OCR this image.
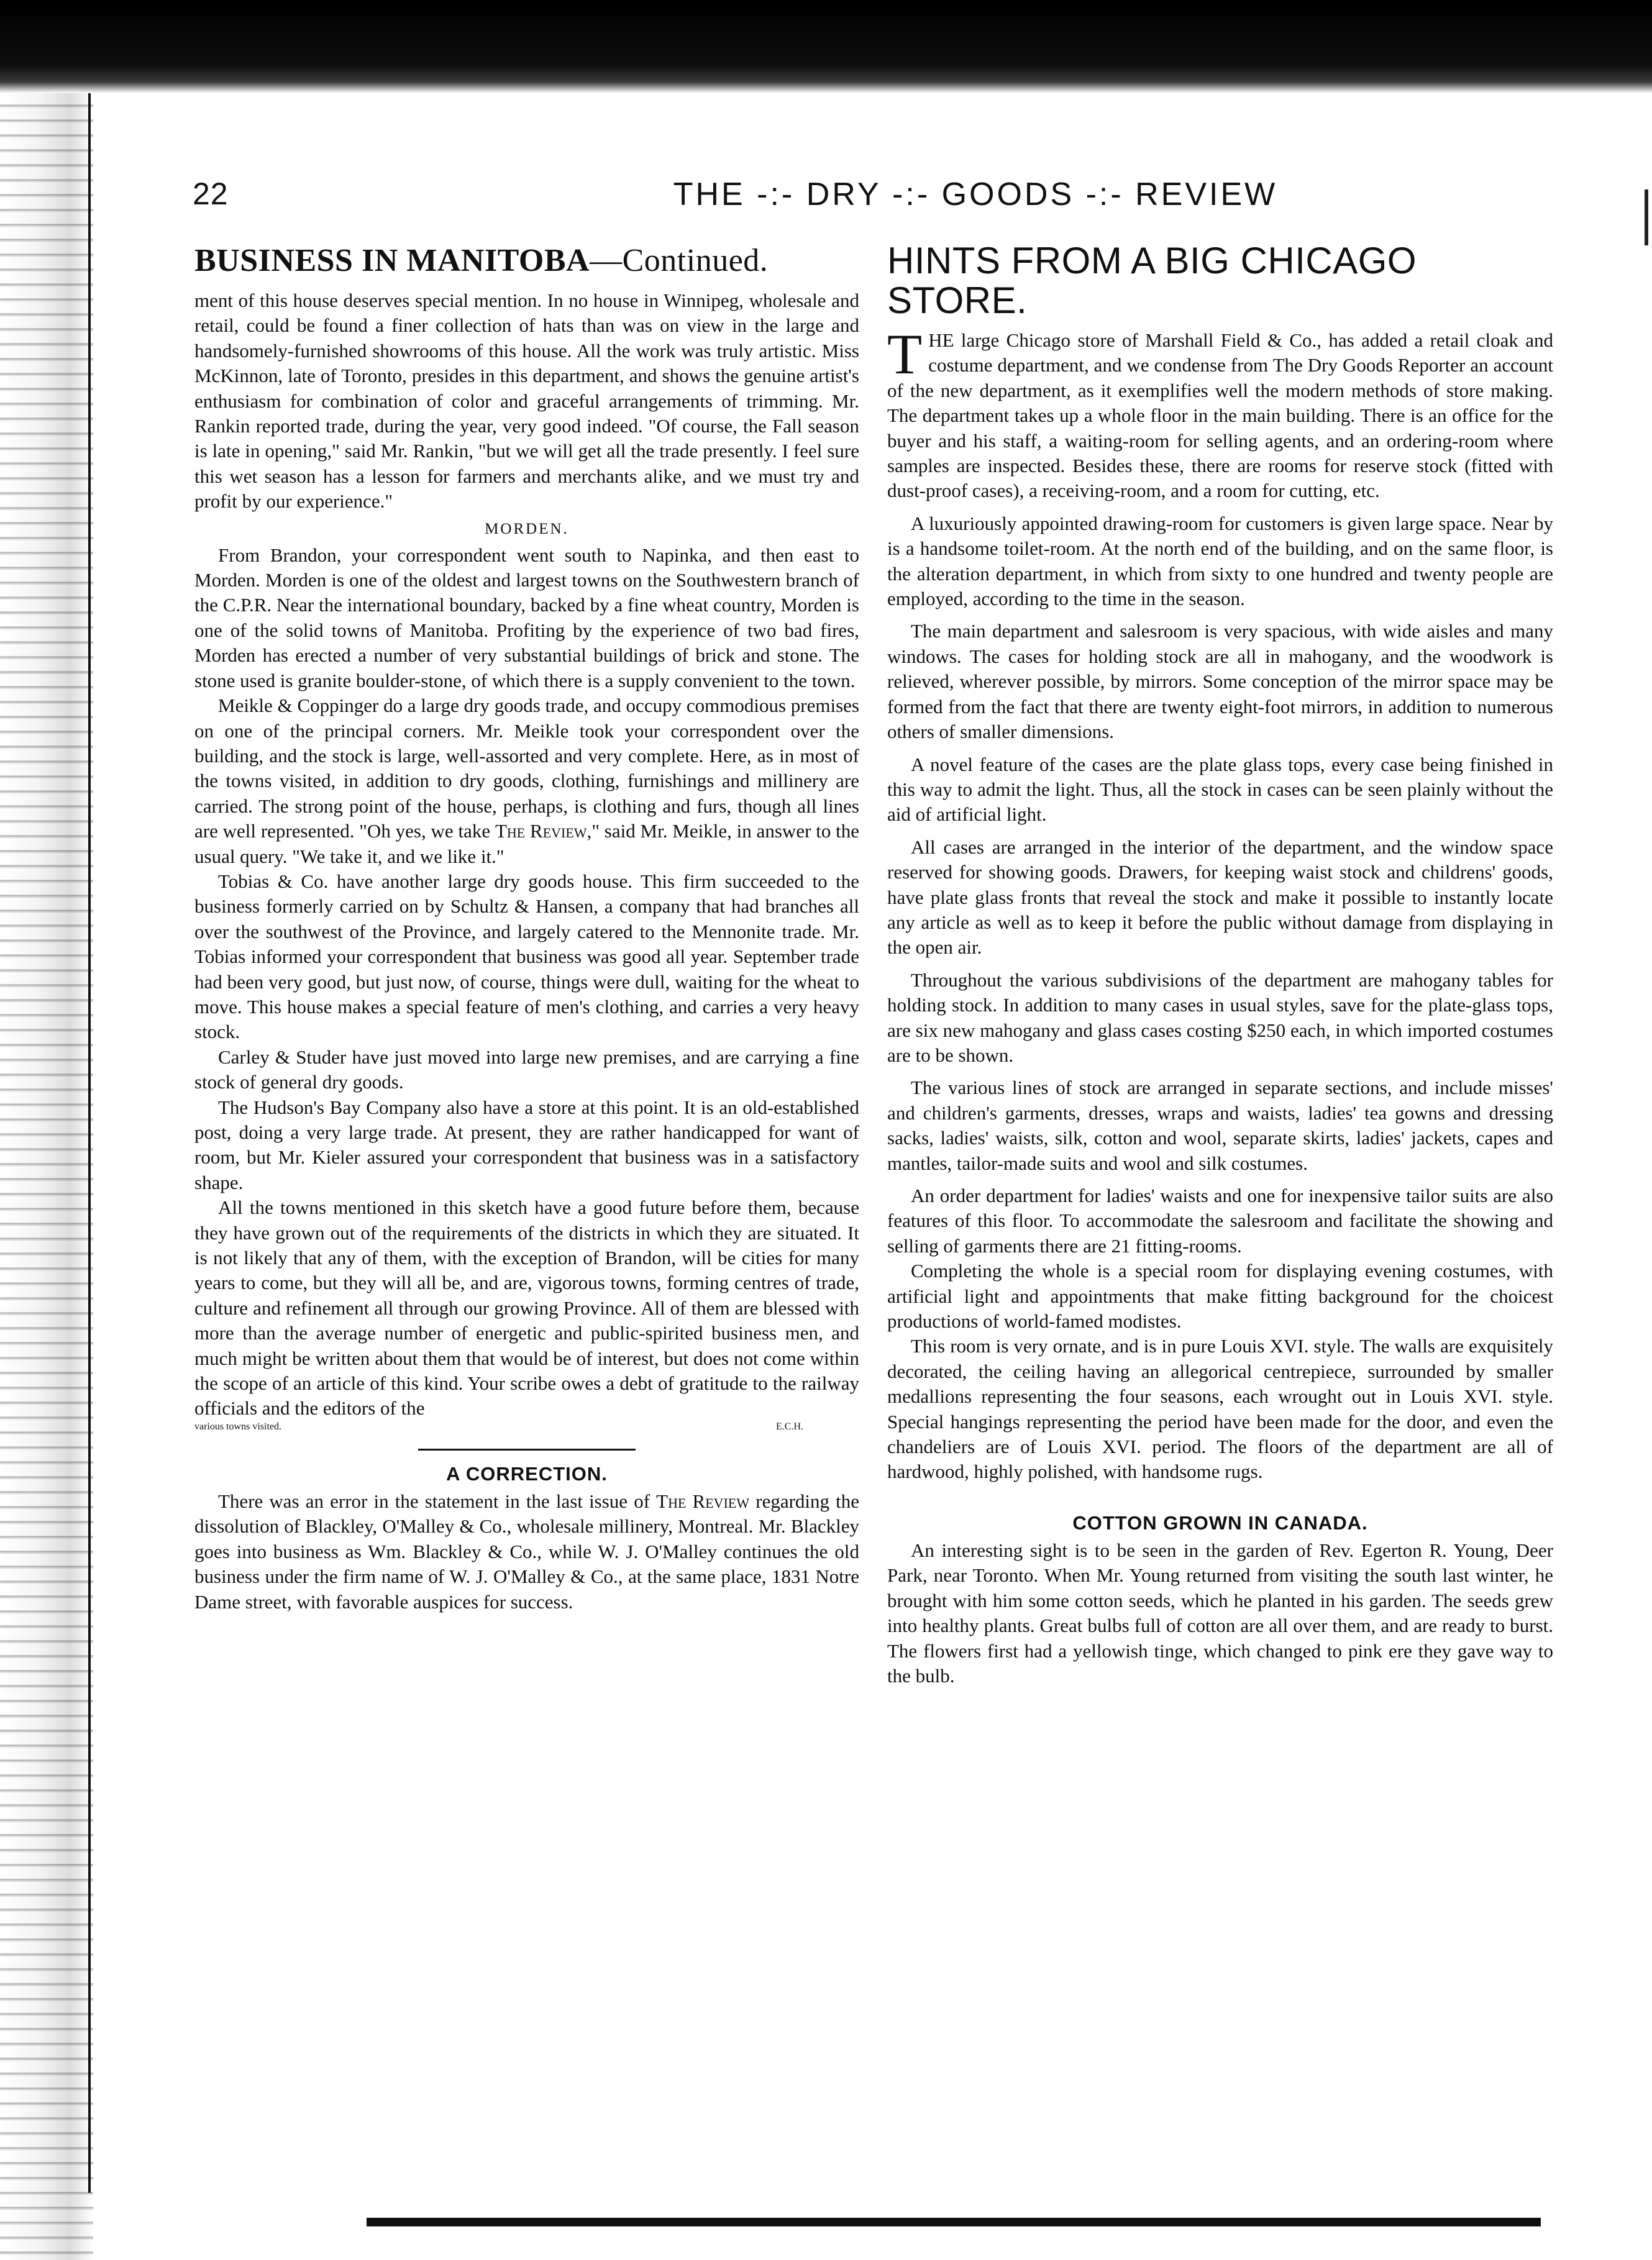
22	THE -:- DRY -:- GOODS -:- REVIEW
BUSINESS IN MANITOBA—Continued.

ment of this house deserves special mention. In no house in Winnipeg, wholesale and retail, could be found a finer collection of hats than was on view in the large and handsomely-furnished showrooms of this house. All the work was truly artistic. Miss McKinnon, late of Toronto, presides in this department, and shows the genuine artist's enthusiasm for combination of color and graceful arrangements of trimming. Mr. Rankin reported trade, during the year, very good indeed. "Of course, the Fall season is late in opening," said Mr. Rankin, "but we will get all the trade presently. I feel sure this wet season has a lesson for farmers and merchants alike, and we must try and profit by our experience."

MORDEN.

From Brandon, your correspondent went south to Napinka, and then east to Morden. Morden is one of the oldest and largest towns on the Southwestern branch of the C.P.R. Near the international boundary, backed by a fine wheat country, Morden is one of the solid towns of Manitoba. Profiting by the experience of two bad fires, Morden has erected a number of very substantial buildings of brick and stone. The stone used is granite boulder-stone, of which there is a supply convenient to the town.

Meikle & Coppinger do a large dry goods trade, and occupy commodious premises on one of the principal corners. Mr. Meikle took your correspondent over the building, and the stock is large, well-assorted and very complete. Here, as in most of the towns visited, in addition to dry goods, clothing, furnishings and millinery are carried. The strong point of the house, perhaps, is clothing and furs, though all lines are well represented. "Oh yes, we take The Review," said Mr. Meikle, in answer to the usual query. "We take it, and we like it."

Tobias & Co. have another large dry goods house. This firm succeeded to the business formerly carried on by Schultz & Hansen, a company that had branches all over the southwest of the Province, and largely catered to the Mennonite trade. Mr. Tobias informed your correspondent that business was good all year. September trade had been very good, but just now, of course, things were dull, waiting for the wheat to move. This house makes a special feature of men's clothing, and carries a very heavy stock.

Carley & Studer have just moved into large new premises, and are carrying a fine stock of general dry goods.

The Hudson's Bay Company also have a store at this point. It is an old-established post, doing a very large trade. At present, they are rather handicapped for want of room, but Mr. Kieler assured your correspondent that business was in a satisfactory shape.

All the towns mentioned in this sketch have a good future before them, because they have grown out of the requirements of the districts in which they are situated. It is not likely that any of them, with the exception of Brandon, will be cities for many years to come, but they will all be, and are, vigorous towns, forming centres of trade, culture and refinement all through our growing Province. All of them are blessed with more than the average number of energetic and public-spirited business men, and much might be written about them that would be of interest, but does not come within the scope of an article of this kind. Your scribe owes a debt of gratitude to the railway officials and the editors of the

various towns visited.	E.C.H.
A CORRECTION.

There was an error in the statement in the last issue of The Review regarding the dissolution of Blackley, O'Malley & Co., wholesale millinery, Montreal. Mr. Blackley goes into business as Wm. Blackley & Co., while W. J. O'Malley continues the old business under the firm name of W. J. O'Malley & Co., at the same place, 1831 Notre Dame street, with favorable auspices for success.

HINTS FROM A BIG CHICAGO STORE.

THE large Chicago store of Marshall Field & Co., has added a retail cloak and costume department, and we condense from The Dry Goods Reporter an account of the new department, as it exemplifies well the modern methods of store making. The department takes up a whole floor in the main building. There is an office for the buyer and his staff, a waiting-room for selling agents, and an ordering-room where samples are inspected. Besides these, there are rooms for reserve stock (fitted with dust-proof cases), a receiving-room, and a room for cutting, etc.

A luxuriously appointed drawing-room for customers is given large space. Near by is a handsome toilet-room. At the north end of the building, and on the same floor, is the alteration department, in which from sixty to one hundred and twenty people are employed, according to the time in the season.

The main department and salesroom is very spacious, with wide aisles and many windows. The cases for holding stock are all in mahogany, and the woodwork is relieved, wherever possible, by mirrors. Some conception of the mirror space may be formed from the fact that there are twenty eight-foot mirrors, in addition to numerous others of smaller dimensions.

A novel feature of the cases are the plate glass tops, every case being finished in this way to admit the light. Thus, all the stock in cases can be seen plainly without the aid of artificial light.

All cases are arranged in the interior of the department, and the window space reserved for showing goods. Drawers, for keeping waist stock and childrens' goods, have plate glass fronts that reveal the stock and make it possible to instantly locate any article as well as to keep it before the public without damage from displaying in the open air.

Throughout the various subdivisions of the department are mahogany tables for holding stock. In addition to many cases in usual styles, save for the plate-glass tops, are six new mahogany and glass cases costing $250 each, in which imported costumes are to be shown.

The various lines of stock are arranged in separate sections, and include misses' and children's garments, dresses, wraps and waists, ladies' tea gowns and dressing sacks, ladies' waists, silk, cotton and wool, separate skirts, ladies' jackets, capes and mantles, tailor-made suits and wool and silk costumes.

An order department for ladies' waists and one for inexpensive tailor suits are also features of this floor. To accommodate the salesroom and facilitate the showing and selling of garments there are 21 fitting-rooms.

Completing the whole is a special room for displaying evening costumes, with artificial light and appointments that make fitting background for the choicest productions of world-famed modistes.

This room is very ornate, and is in pure Louis XVI. style. The walls are exquisitely decorated, the ceiling having an allegorical centrepiece, surrounded by smaller medallions representing the four seasons, each wrought out in Louis XVI. style. Special hangings representing the period have been made for the door, and even the chandeliers are of Louis XVI. period. The floors of the department are all of hardwood, highly polished, with handsome rugs.

COTTON GROWN IN CANADA.

An interesting sight is to be seen in the garden of Rev. Egerton R. Young, Deer Park, near Toronto. When Mr. Young returned from visiting the south last winter, he brought with him some cotton seeds, which he planted in his garden. The seeds grew into healthy plants. Great bulbs full of cotton are all over them, and are ready to burst. The flowers first had a yellowish tinge, which changed to pink ere they gave way to the bulb.
